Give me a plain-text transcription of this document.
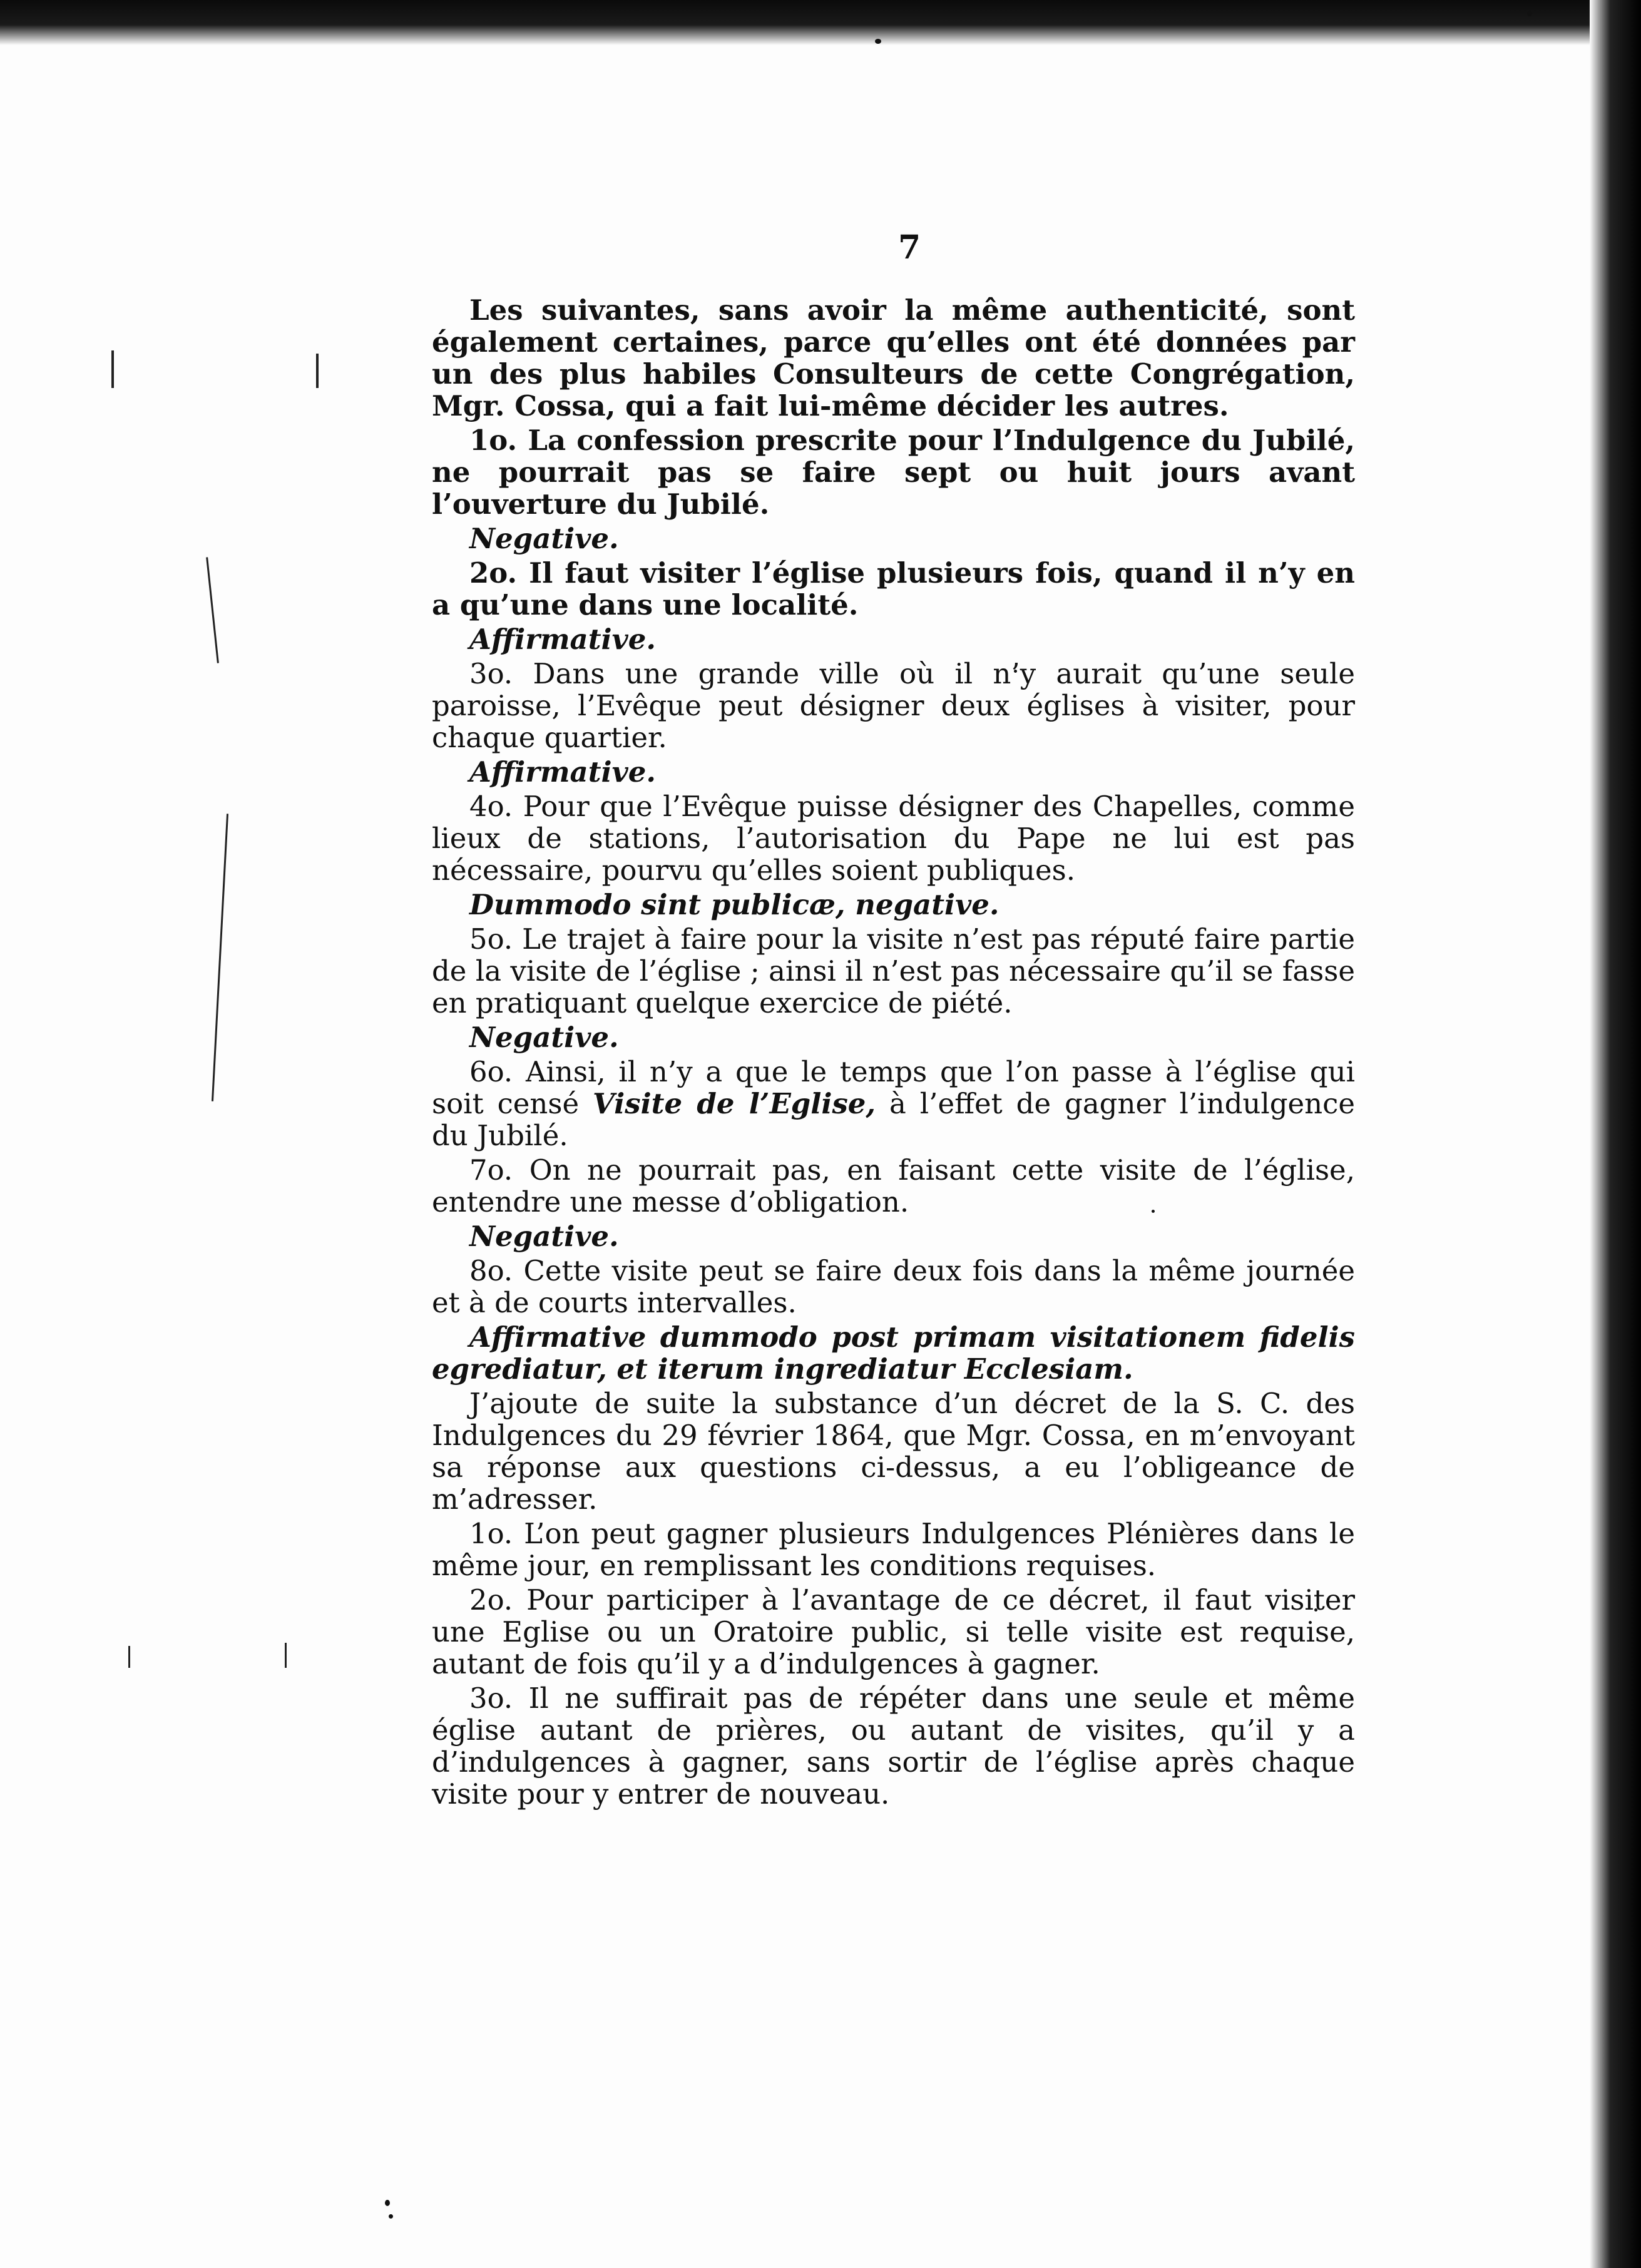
7

Les suivantes, sans avoir la même authenticité, sont également certaines, parce qu’elles ont été données par un des plus habiles Consulteurs de cette Congrégation, Mgr. Cossa, qui a fait lui-même décider les autres.

1o. La confession prescrite pour l’Indulgence du Jubilé, ne pourrait pas se faire sept ou huit jours avant l’ouverture du Jubilé.

Negative.

2o. Il faut visiter l’église plusieurs fois, quand il n’y en a qu’une dans une localité.

Affirmative.

3o. Dans une grande ville où il n’y aurait qu’une seule paroisse, l’Evêque peut désigner deux églises à visiter, pour chaque quartier.

Affirmative.

4o. Pour que l’Evêque puisse désigner des Chapelles, comme lieux de stations, l’autorisation du Pape ne lui est pas nécessaire, pourvu qu’elles soient publiques.

Dummodo sint publicæ, negative.

5o. Le trajet à faire pour la visite n’est pas réputé faire partie de la visite de l’église ; ainsi il n’est pas nécessaire qu’il se fasse en pratiquant quelque exercice de piété.

Negative.

6o. Ainsi, il n’y a que le temps que l’on passe à l’église qui soit censé Visite de l’Eglise, à l’effet de gagner l’indulgence du Jubilé.

7o. On ne pourrait pas, en faisant cette visite de l’église, entendre une messe d’obligation.

Negative.

8o. Cette visite peut se faire deux fois dans la même journée et à de courts intervalles.

Affirmative dummodo post primam visitationem fidelis egrediatur, et iterum ingrediatur Ecclesiam.

J’ajoute de suite la substance d’un décret de la S. C. des Indulgences du 29 février 1864, que Mgr. Cossa, en m’envoyant sa réponse aux questions ci-dessus, a eu l’obligeance de m’adresser.

1o. L’on peut gagner plusieurs Indulgences Plénières dans le même jour, en remplissant les conditions requises.

2o. Pour participer à l’avantage de ce décret, il faut visiter une Eglise ou un Oratoire public, si telle visite est requise, autant de fois qu’il y a d’indulgences à gagner.

3o. Il ne suffirait pas de répéter dans une seule et même église autant de prières, ou autant de visites, qu’il y a d’indulgences à gagner, sans sortir de l’église après chaque visite pour y entrer de nouveau.
